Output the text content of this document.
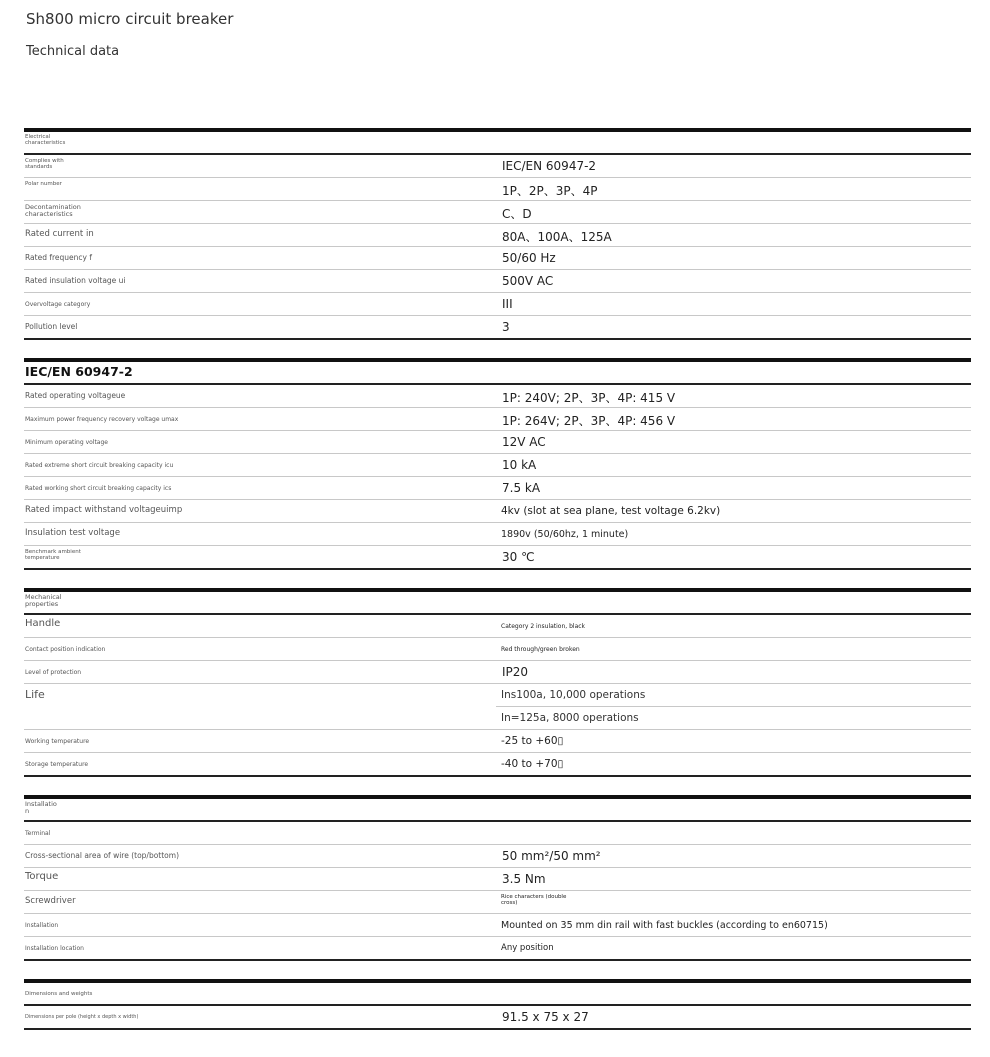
Sh800 micro circuit breaker
Technical data
Electrical characteristics
Complies with standards	IEC/EN 60947-2
Polar number	1P、2P、3P、4P
Decontamination characteristics	C、D
Rated current in	80A、100A、125A
Rated frequency f	50/60 Hz
Rated insulation voltage ui	500V AC
Overvoltage category	III
Pollution level	3
IEC/EN 60947-2
Rated operating voltageue	1P: 240V; 2P、3P、4P: 415 V
Maximum power frequency recovery voltage umax	1P: 264V; 2P、3P、4P: 456 V
Minimum operating voltage	12V AC
Rated extreme short circuit breaking capacity icu	10 kA
Rated working short circuit breaking capacity ics	7.5 kA
Rated impact withstand voltageuimp	4kv (slot at sea plane, test voltage 6.2kv)
Insulation test voltage	1890v (50/60hz, 1 minute)
Benchmark ambient temperature	30 ℃
Mechanical properties
Handle	Category 2 insulation, black
Contact position indication	Red through/green broken
Level of protection	IP20
Life	Ins100a, 10,000 operations
In=125a, 8000 operations
Working temperature	-25 to +60▯
Storage temperature	-40 to +70▯
Installatio n
Terminal
Cross-sectional area of wire (top/bottom)	50 mm²/50 mm²
Torque	3.5 Nm
Screwdriver	Rice characters (double cross)
Installation	Mounted on 35 mm din rail with fast buckles (according to en60715)
Installation location	Any position
Dimensions and weights
Dimensions per pole (height x depth x width)	91.5 x 75 x 27
